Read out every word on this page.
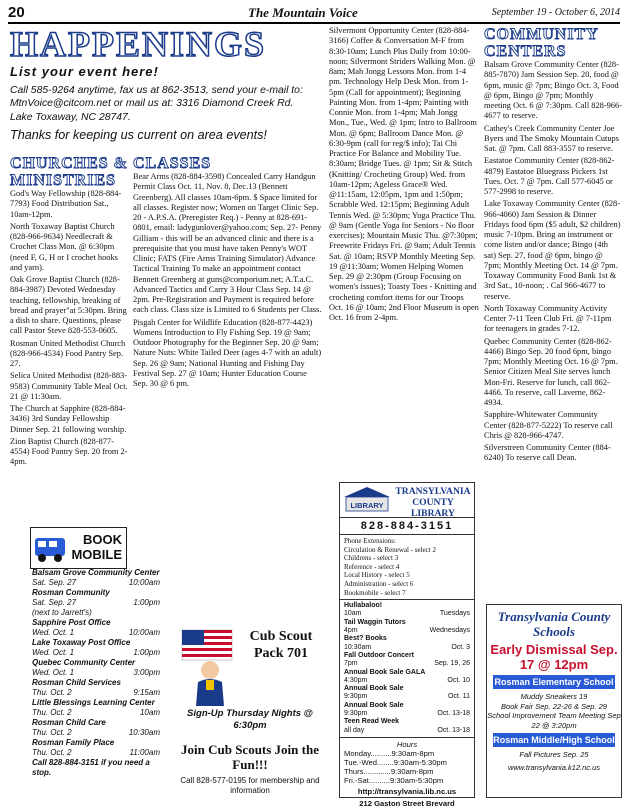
20	The Mountain Voice	September 19 - October 6, 2014
HAPPENINGS
List your event here!
Call 585-9264 anytime, fax us at 862-3513, send your e-mail to: MtnVoice@citcom.net or mail us at: 3316 Diamond Creek Rd. Lake Toxaway, NC 28747.
Thanks for keeping us current on area events!
CHURCHES & MINISTRIES
God's Way Fellowship (828-884-7793) Food Distribution Sat., 10am-12pm.
North Toxaway Baptist Church (828-966-9634) Needlecraft & Crochet Class Mon. @ 6:30pm (need F, G, H or I crochet hooks and yarn).
Oak Grove Baptist Church (828-884-3987) Devoted Wednesday teaching, fellowship, breaking of bread and prayer"at 5:30pm. Bring a dish to share. Questions, please call Pastor Steve 828-553-0605.
Rosman United Methodist Church (828-966-4534) Food Pantry Sep. 27.
Selica United Methodist (828-883-9583) Community Table Meal Oct. 21 @ 11:30am.
The Church at Sapphire (828-884-3436) 3rd Sunday Fellowship Dinner Sep. 21 following worship.
Zion Baptist Church (828-877-4554) Food Pantry Sep. 20 from 2-4pm.
CLASSES
Bear Arms (828-884-3598) Concealed Carry Handgun Permit Class Oct. 11, Nov. 8, Dec.13 (Bennett Greenberg). All classes 10am-6pm. $ Space limited for all classes. Register now; Women on Target Clinic Sep. 20 - A.P.S.A. (Preregister Req.) - Penny at 828-691-0801, email: ladygunlover@yahoo.com; Sep. 27- Penny Gilliam - this will be an advanced clinic and there is a prerequisite that you must have taken Penny's WOT Clinic; FATS (Fire Arms Training Simulator) Advance Tactical Training To make an appointment contact Bennett Greenberg at guns@comporium.net; A.T.a.C. Advanced Tactics and Carry 3 Hour Class Sep. 14 @ 2pm. Pre-Registration and Payment is required before each class. Class size is Limited to 6 Students per Class.
Pisgah Center for Wildlife Education (828-877-4423) Womens Introduction to Fly Fishing Sep. 19 @ 9am; Outdoor Photography for the Beginner Sep. 20 @ 9am; Nature Nuts: White Tailed Deer (ages 4-7 with an adult) Sep. 26 @ 9am; National Hunting and Fishing Day Festival Sep. 27 @ 10am; Hunter Education Course Sep. 30 @ 6 pm.
Silvermont Opportunity Center (828-884-3166) Coffee & Conversation M-F from 8:30-10am; Lunch Plus Daily from 10:00-noon; Silvermont Striders Walking Mon. @ 8am; Mah Jongg Lessons Mon. from 1-4 pm. Technology Help Desk Mon. from 1-5pm (Call for appointment); Beginning Painting Mon. from 1-4pm; Painting with Connie Mon. from 1-4pm; Mah Jongg Mon., Tue., Wed. @ 1pm; Intro to Ballroom Mon. @ 6pm; Ballroom Dance Mon. @ 6:30-9pm (call for reg/$ info); Tai Chi Practice For Balance and Mobility Tue. 8:30am; Bridge Tues. @ 1pm; Sit & Stitch (Knitting/ Crocheting Group) Wed. from 10am-12pm; Ageless Grace® Wed. @11:15am, 12:05pm, 1pm and 1:50pm; Scrabble Wed. 12:15pm; Beginning Adult Tennis Wed. @ 5:30pm; Yoga Practice Thu. @ 9am (Gentle Yoga for Seniors - No floor exercises); Mountain Music Thu. @7:30pm; Freewrite Fridays Fri. @ 9am; Adult Tennis Sat. @ 10am; RSVP Monthly Meeting Sep. 19 @11:30am; Women Helping Women Sep. 29 @ 2:30pm (Group Focusing on women's issues); Toasty Toes - Knitting and crocheting comfort items for our Troops Oct. 16 @ 10am; 2nd Floor Museum is open Oct. 16 from 2-4pm.
COMMUNITY CENTERS
Balsam Grove Community Center (828-885-7870) Jam Session Sep. 20, food @ 6pm, music @ 7pm; Bingo Oct. 3, Food @ 6pm, Bingo @ 7pm; Monthly meeting Oct. 6 @ 7:30pm. Call 828-966-4677 to reserve.
Cathey's Creek Community Center Joe Byers and The Smoky Mountain Cutups Sat. @ 7pm. Call 883-3557 to reserve.
Eastatoe Community Center (828-862-4879) Eastatoe Bluegrass Pickers 1st Tues. Oct. 7 @ 7pm. Call 577-6045 or 577-2998 to reserve.
Lake Toxaway Community Center (828-966-4060) Jam Session & Dinner Fridays food 6pm ($5 adult, $2 children) music 7-10pm. Bring an instrument or come listen and/or dance; Bingo (4th sat) Sep. 27, food @ 6pm, bingo @ 7pm; Monthly Meeting Oct. 14 @ 7pm. Toxaway Community Food Bank 1st & 3rd Sat., 10-noon; . Cal 966-4677 to reserve.
North Toxaway Community Activity Center 7-11 Teen Club Fri. @ 7-11pm for teenagers in grades 7-12.
Quebec Community Center (828-862-4466) Bingo Sep. 20 food 6pm, bingo 7pm; Monthly Meeting Oct. 16 @ 7pm. Senior Citizen Meal Site serves lunch Mon-Fri. Reserve for lunch, call 862-4466. To reserve, call Laverne, 862-4934.
Sapphire-Whitewater Community Center (828-877-5222) To reserve call Chris @ 828-966-4747.
Silverstreen Community Center (884-6240) To reserve call Dean.
BOOK MOBILE
Balsam Grove Community Center
Sat. Sep. 27	10:00am
Rosman Community
Sat. Sep. 27	1:00pm
(next to Jarrett's)
Sapphire Post Office
Wed. Oct. 1	10:00am
Lake Toxaway Post Office
Wed. Oct. 1	1:00pm
Quebec Community Center
Wed. Oct. 1	3:00pm
Rosman Child Services
Thu. Oct. 2	9:15am
Little Blessings Learning Center
Thu. Oct. 2	10am
Rosman Child Care
Thu. Oct. 2	10:30am
Rosman Family Place
Thu. Oct. 2	11:00am
Call 828-884-3151 if you need a stop.
Cub Scout Pack 701
Sign-Up Thursday Nights @ 6:30pm
Join Cub Scouts Join the Fun!!!
Call 828-577-0195 for membership and information
LIBRARY
TRANSYLVANIA COUNTY LIBRARY
828-884-3151
Phone Extensions:
Circulation & Renewal - select 2
Childrens - select 3
Reference - select 4
Local History - select 5
Administration - select 6
Bookmobile - select 7
Hullabaloo!
10am	Tuesdays
Tail Waggin Tutors
4pm	Wednesdays
Best? Books
10:30am	Oct. 3
Fall Outdoor Concert
7pm	Sep. 19, 26
Annual Book Sale GALA
4:30pm	Oct. 10
Annual Book Sale
9:30pm	Oct. 11
Annual Book Sale
9:30pm	Oct. 13-18
Teen Read Week
all day	Oct. 13-18
Hours
Monday..........9:30am-8pm
Tue.-Wed........9:30am-5:30pm
Thurs.............9:30am-8pm
Fri.-Sat..........9:30am-5:30pm
http://transylvania.lib.nc.us
212 Gaston Street Brevard
Transylvania County Schools
Early Dismissal Sep. 17 @ 12pm
Rosman Elementary School
Muddy Sneakers 19
Book Fair Sep. 22-26 & Sep. 29
School Improvement Team Meeting Sep 22 @ 3:20pm
Rosman Middle/High School
Fall Pictures Sep. 25
www.transylvania.k12.nc.us
